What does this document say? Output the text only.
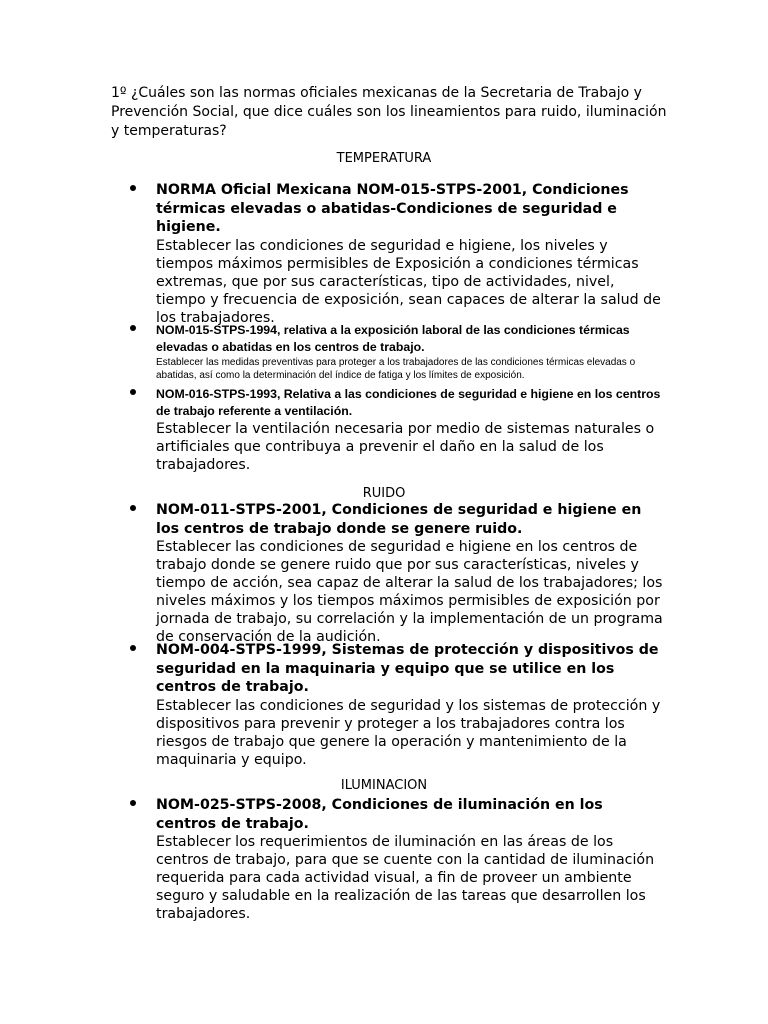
1º ¿Cuáles son las normas oficiales mexicanas de la Secretaria de Trabajo y Prevención Social, que dice cuáles son los lineamientos para ruido, iluminación y temperaturas?

TEMPERATURA

NORMA Oficial Mexicana NOM-015-STPS-2001, Condiciones térmicas elevadas o abatidas-Condiciones de seguridad e higiene.

Establecer las condiciones de seguridad e higiene, los niveles y tiempos máximos permisibles de Exposición a condiciones térmicas extremas, que por sus características, tipo de actividades, nivel, tiempo y frecuencia de exposición, sean capaces de alterar la salud de los trabajadores.

NOM-015-STPS-1994, relativa a la exposición laboral de las condiciones térmicas elevadas o abatidas en los centros de trabajo.

Establecer las medidas preventivas para proteger a los trabajadores de las condiciones térmicas elevadas o abatidas, así como la determinación del índice de fatiga y los límites de exposición.

NOM-016-STPS-1993, Relativa a las condiciones de seguridad e higiene en los centros de trabajo referente a ventilación.

Establecer la ventilación necesaria por medio de sistemas naturales o artificiales que contribuya a prevenir el daño en la salud de los trabajadores.

RUIDO

NOM-011-STPS-2001, Condiciones de seguridad e higiene en los centros de trabajo donde se genere ruido.

Establecer las condiciones de seguridad e higiene en los centros de trabajo donde se genere ruido que por sus características, niveles y tiempo de acción, sea capaz de alterar la salud de los trabajadores; los niveles máximos y los tiempos máximos permisibles de exposición por jornada de trabajo, su correlación y la implementación de un programa de conservación de la audición.

NOM-004-STPS-1999, Sistemas de protección y dispositivos de seguridad en la maquinaria y equipo que se utilice en los centros de trabajo.

Establecer las condiciones de seguridad y los sistemas de protección y dispositivos para prevenir y proteger a los trabajadores contra los riesgos de trabajo que genere la operación y mantenimiento de la maquinaria y equipo.

ILUMINACION

NOM-025-STPS-2008, Condiciones de iluminación en los centros de trabajo.

Establecer los requerimientos de iluminación en las áreas de los centros de trabajo, para que se cuente con la cantidad de iluminación requerida para cada actividad visual, a fin de proveer un ambiente seguro y saludable en la realización de las tareas que desarrollen los trabajadores.
